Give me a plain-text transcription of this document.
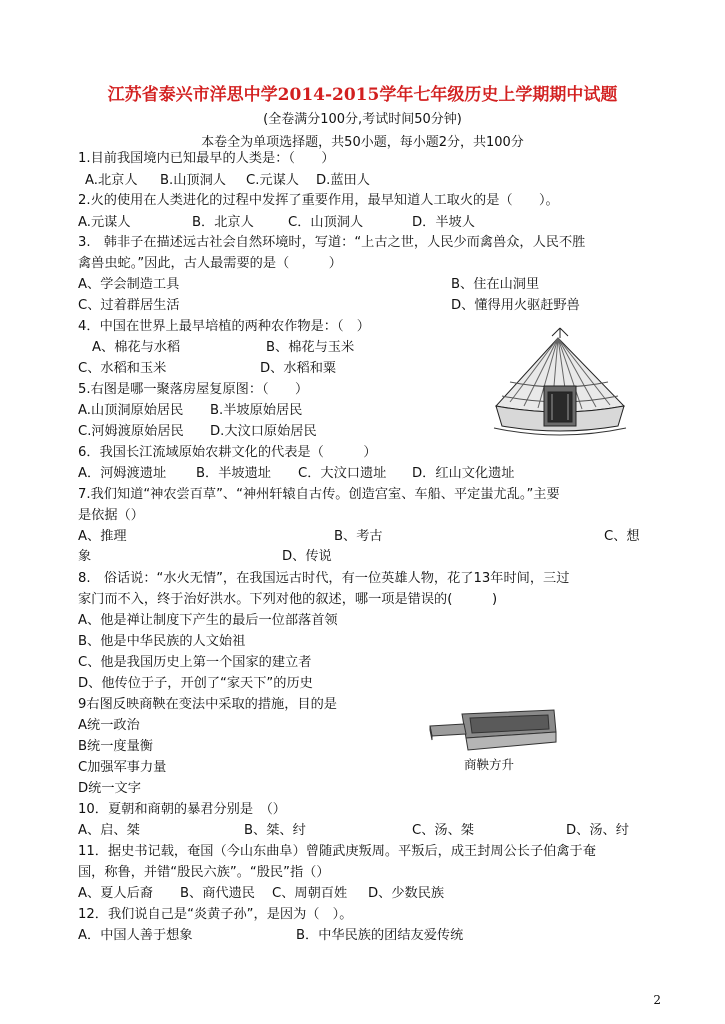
江苏省泰兴市洋思中学2014-2015学年七年级历史上学期期中试题
(全卷满分100分,考试时间50分钟)
本卷全为单项选择题，共50小题，每小题2分，共100分
1.目前我国境内已知最早的人类是：（　　）
A.北京人 B.山顶洞人 C.元谋人 D.蓝田人
2.火的使用在人类进化的过程中发挥了重要作用，最早知道人工取火的是（　　）。
A.元谋人	B．北京人	C．山顶洞人	D．半坡人
3.　韩非子在描述远古社会自然环境时，写道：“上古之世，人民少而禽兽众，人民不胜
禽兽虫蛇。”因此，古人最需要的是（　　　）
A、学会制造工具	B、住在山洞里
C、过着群居生活	D、懂得用火驱赶野兽
4．中国在世界上最早培植的两种农作物是：（　）
A、棉花与水稻	B、棉花与玉米
C、水稻和玉米	D、水稻和粟
5.右图是哪一聚落房屋复原图：（　　）
A.山顶洞原始居民 B.半坡原始居民
C.河姆渡原始居民 D.大汶口原始居民
6．我国长江流域原始农耕文化的代表是（　　　）
A．河姆渡遗址 B．半坡遗址 C．大汶口遗址 D．红山文化遗址
7.我们知道“神农尝百草”、“神州轩辕自古传。创造宫室、车船、平定蚩尤乱。”主要
是依据（）
A、推理	B、考古	C、想
象	D、传说
8.　俗话说：“水火无情”，在我国远古时代，有一位英雄人物，花了13年时间，三过
家门而不入，终于治好洪水。下列对他的叙述，哪一项是错误的(　　　)
A、他是禅让制度下产生的最后一位部落首领
B、他是中华民族的人文始祖
C、他是我国历史上第一个国家的建立者
D、他传位于子，开创了“家天下”的历史
9右图反映商鞅在变法中采取的措施，目的是
A统一政治
B统一度量衡
C加强军事力量
D统一文字
10．夏朝和商朝的暴君分别是　（）
A、启、桀	B、桀、纣	C、汤、桀	D、汤、纣
11．据史书记载，奄国（今山东曲阜）曾随武庚叛周。平叛后，成王封周公长子伯禽于奄
国，称鲁，并错“殷民六族”。“殷民”指（）
A、夏人后裔 B、商代遗民 C、周朝百姓 D、少数民族
12．我们说自己是“炎黄子孙”，是因为（　）。
A．中国人善于想象	B．中华民族的团结友爱传统
商鞅方升
2
